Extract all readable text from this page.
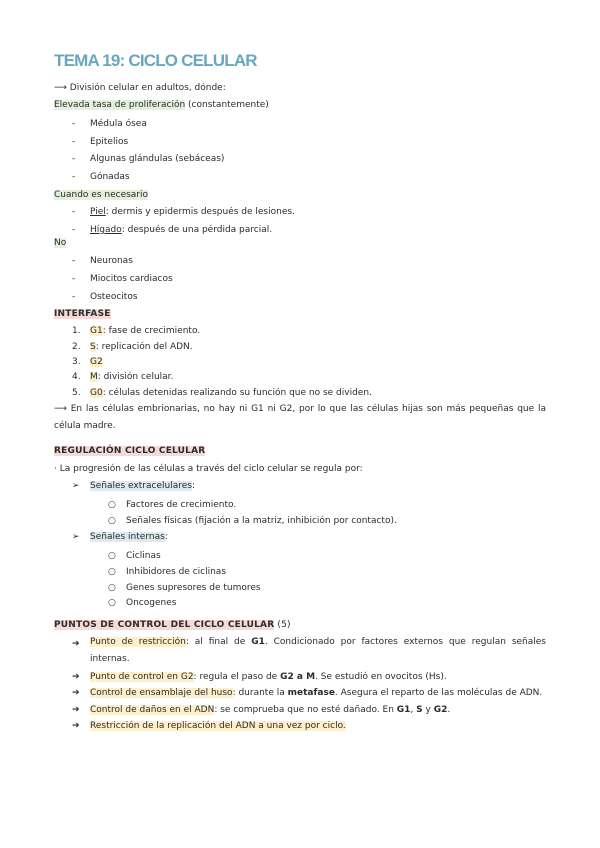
TEMA 19: CICLO CELULAR
⟶ División celular en adultos, dónde:
Elevada tasa de proliferación (constantemente)
- Médula ósea
- Epitelios
- Algunas glándulas (sebáceas)
- Gónadas
Cuando es necesario
- Piel: dermis y epidermis después de lesiones.
- Hígado: después de una pérdida parcial.
No
- Neuronas
- Miocitos cardiacos
- Osteocitos
INTERFASE
1. G1: fase de crecimiento.
2. S: replicación del ADN.
3. G2
4. M: división celular.
5. G0: células detenidas realizando su función que no se dividen.
⟶ En las células embrionarias, no hay ni G1 ni G2, por lo que las células hijas son más pequeñas que la célula madre.
REGULACIÓN CICLO CELULAR
· La progresión de las células a través del ciclo celular se regula por:
➢ Señales extracelulares:
○ Factores de crecimiento.
○ Señales físicas (fijación a la matriz, inhibición por contacto).
➢ Señales internas:
○ Ciclinas
○ Inhibidores de ciclinas
○ Genes supresores de tumores
○ Oncogenes
PUNTOS DE CONTROL DEL CICLO CELULAR (5)
➔ Punto de restricción: al final de G1. Condicionado por factores externos que regulan señales internas.
➔ Punto de control en G2: regula el paso de G2 a M. Se estudió en ovocitos (Hs).
➔ Control de ensamblaje del huso: durante la metafase. Asegura el reparto de las moléculas de ADN.
➔ Control de daños en el ADN: se comprueba que no esté dañado. En G1, S y G2.
➔ Restricción de la replicación del ADN a una vez por ciclo.
